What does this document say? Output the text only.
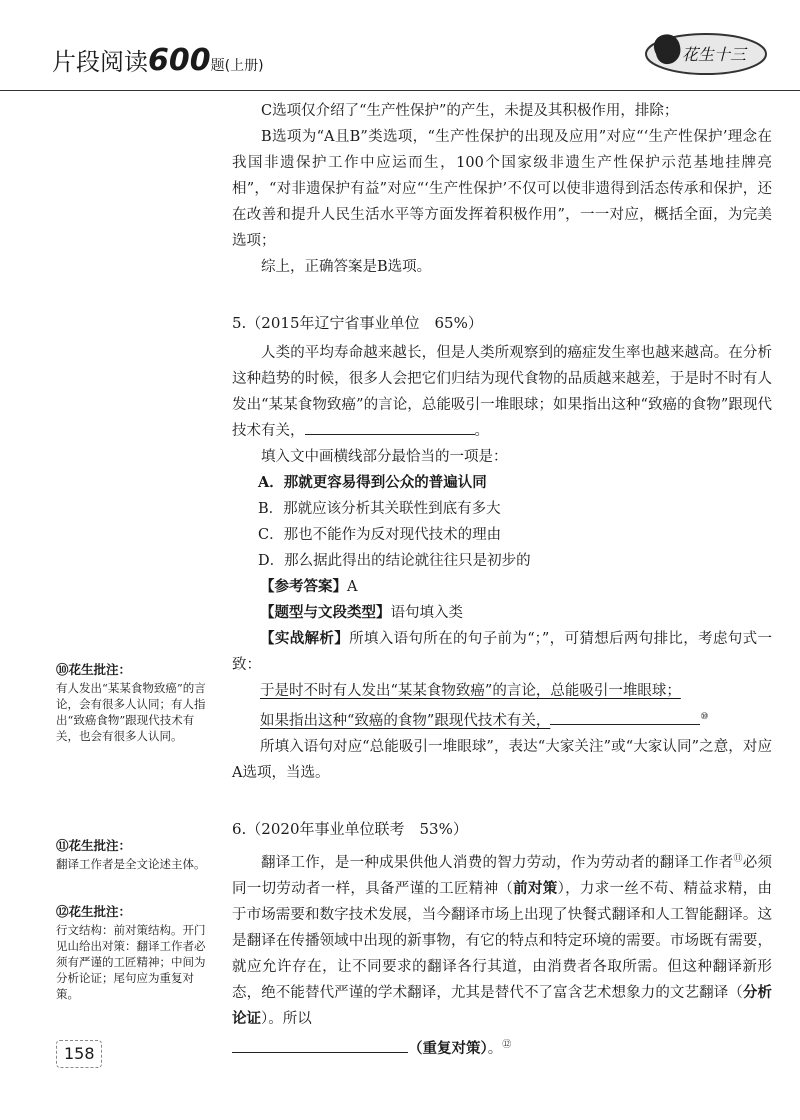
片段阅读600题(上册)
花生十三
C选项仅介绍了“生产性保护”的产生，未提及其积极作用，排除；
B选项为“A且B”类选项，“生产性保护的出现及应用”对应“‘生产性保护’理念在我国非遗保护工作中应运而生，100个国家级非遗生产性保护示范基地挂牌亮相”，“对非遗保护有益”对应“‘生产性保护’不仅可以使非遗得到活态传承和保护，还在改善和提升人民生活水平等方面发挥着积极作用”，一一对应，概括全面，为完美选项；
综上，正确答案是B选项。
5.（2015年辽宁省事业单位　65%）
人类的平均寿命越来越长，但是人类所观察到的癌症发生率也越来越高。在分析这种趋势的时候，很多人会把它们归结为现代食物的品质越来越差，于是时不时有人发出“某某食物致癌”的言论，总能吸引一堆眼球；如果指出这种“致癌的食物”跟现代技术有关，	。
填入文中画横线部分最恰当的一项是：
A．那就更容易得到公众的普遍认同
B．那就应该分析其关联性到底有多大
C．那也不能作为反对现代技术的理由
D．那么据此得出的结论就往往只是初步的
【参考答案】A
【题型与文段类型】语句填入类
【实战解析】所填入语句所在的句子前为“；”，可猜想后两句排比，考虑句式一致：
于是时不时有人发出“某某食物致癌”的言论，总能吸引一堆眼球；
如果指出这种“致癌的食物”跟现代技术有关，	⑩
所填入语句对应“总能吸引一堆眼球”，表达“大家关注”或“大家认同”之意，对应A选项，当选。
6.（2020年事业单位联考　53%）
翻译工作，是一种成果供他人消费的智力劳动，作为劳动者的翻译工作者⑪必须同一切劳动者一样，具备严谨的工匠精神（前对策），力求一丝不苟、精益求精，由于市场需要和数字技术发展，当今翻译市场上出现了快餐式翻译和人工智能翻译。这是翻译在传播领域中出现的新事物，有它的特点和特定环境的需要。市场既有需要，就应允许存在，让不同要求的翻译各行其道，由消费者各取所需。但这种翻译新形态，绝不能替代严谨的学术翻译，尤其是替代不了富含艺术想象力的文艺翻译（分析论证）。所以
（重复对策）。⑫
⑩花生批注：
有人发出“某某食物致癌”的言论，会有很多人认同；有人指出“致癌食物”跟现代技术有关，也会有很多人认同。
⑪花生批注：
翻译工作者是全文论述主体。
⑫花生批注：
行文结构：前对策结构。开门见山给出对策：翻译工作者必须有严谨的工匠精神；中间为分析论证；尾句应为重复对策。
158
